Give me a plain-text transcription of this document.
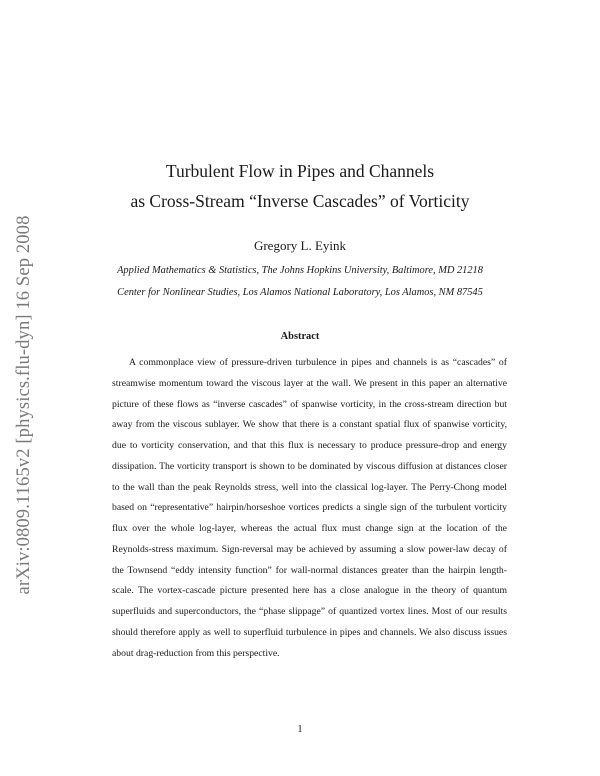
arXiv:0809.1165v2 [physics.flu-dyn] 16 Sep 2008
Turbulent Flow in Pipes and Channels
as Cross-Stream “Inverse Cascades” of Vorticity
Gregory L. Eyink
Applied Mathematics & Statistics, The Johns Hopkins University, Baltimore, MD 21218
Center for Nonlinear Studies, Los Alamos National Laboratory, Los Alamos, NM 87545
Abstract

A commonplace view of pressure-driven turbulence in pipes and channels is as “cascades” of streamwise momentum toward the viscous layer at the wall. We present in this paper an alternative picture of these flows as “inverse cascades” of spanwise vorticity, in the cross-stream direction but away from the viscous sublayer. We show that there is a constant spatial flux of spanwise vorticity, due to vorticity conservation, and that this flux is necessary to produce pressure-drop and energy dissipation. The vorticity transport is shown to be dominated by viscous diffusion at distances closer to the wall than the peak Reynolds stress, well into the classical log-layer. The Perry-Chong model based on “representative” hairpin/horseshoe vortices predicts a single sign of the turbulent vorticity flux over the whole log-layer, whereas the actual flux must change sign at the location of the Reynolds-stress maximum. Sign-reversal may be achieved by assuming a slow power-law decay of the Townsend “eddy intensity function” for wall-normal distances greater than the hairpin length-scale. The vortex-cascade picture presented here has a close analogue in the theory of quantum superfluids and superconductors, the “phase slippage” of quantized vortex lines. Most of our results should therefore apply as well to superfluid turbulence in pipes and channels. We also discuss issues about drag-reduction from this perspective.

1
